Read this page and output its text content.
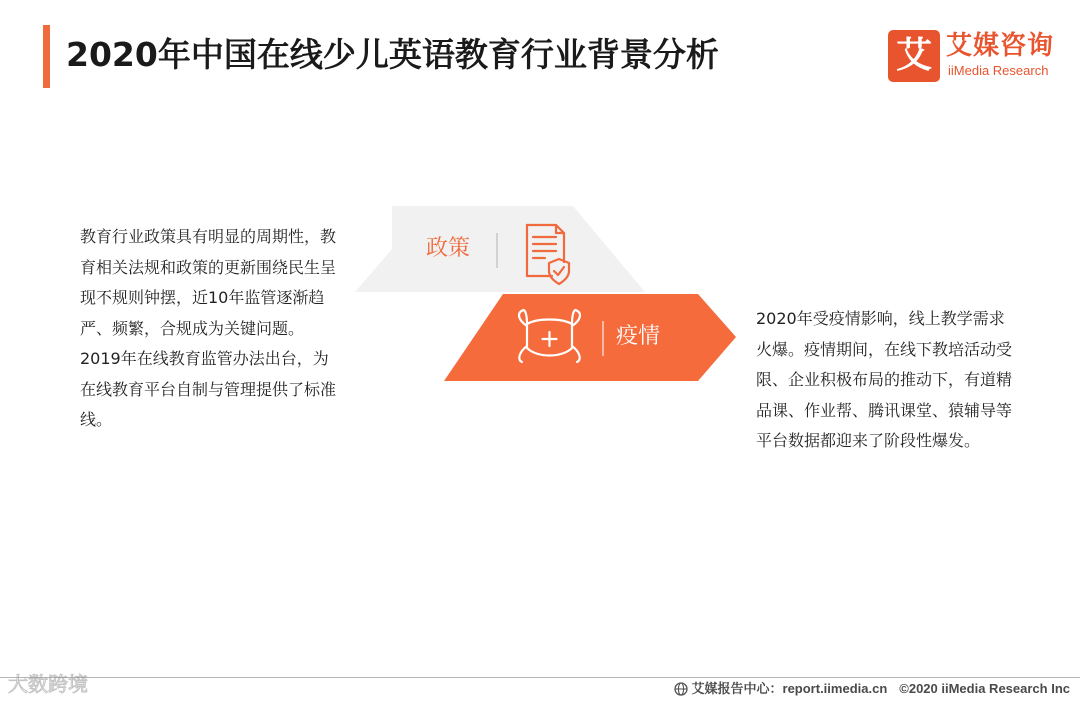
2020年中国在线少儿英语教育行业背景分析	艾 艾媒咨询
iiMedia Research

教育行业政策具有明显的周期性，教育相关法规和政策的更新围绕民生呈现不规则钟摆，近10年监管逐渐趋严、频繁，合规成为关键问题。 2019年在线教育监管办法出台，为在线教育平台自制与管理提供了标准线。

政策
疫情

2020年受疫情影响，线上教学需求火爆。疫情期间，在线下教培活动受限、企业积极布局的推动下，有道精品课、作业帮、腾讯课堂、猿辅导等平台数据都迎来了阶段性爆发。

大数跨境	艾媒报告中心：report.iimedia.cn ©2020 iiMedia Research Inc
